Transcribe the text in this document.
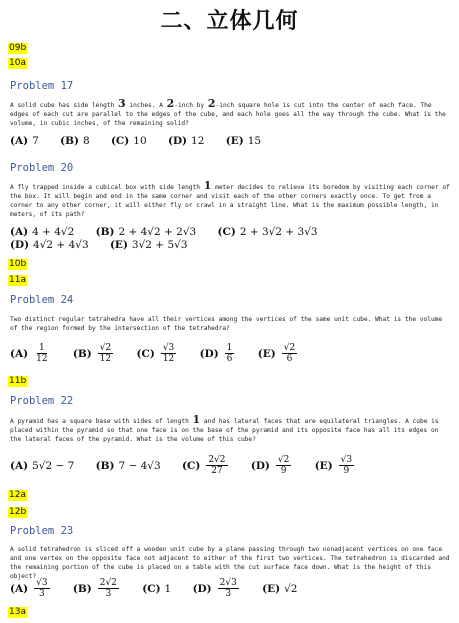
二、立体几何
09b
10a
Problem 17
A solid cube has side length 3 inches. A 2-inch by 2-inch square hole is cut into the center of each face. The edges of each cut are parallel to the edges of the cube, and each hole goes all the way through the cube. What is the volume, in cubic inches, of the remaining solid?
(A) 7 (B) 8 (C) 10 (D) 12 (E) 15
Problem 20
A fly trapped inside a cubical box with side length 1 meter decides to relieve its boredom by visiting each corner of the box. It will begin and end in the same corner and visit each of the other corners exactly once. To get from a corner to any other corner, it will either fly or crawl in a straight line. What is the maximum possible length, in meters, of its path?
(A) 4 + 4√2 (B) 2 + 4√2 + 2√3 (C) 2 + 3√2 + 3√3
(D) 4√2 + 4√3 (E) 3√2 + 5√3
10b
11a
Problem 24
Two distinct regular tetrahedra have all their vertices among the vertices of the same unit cube. What is the volume of the region formed by the intersection of the tetrahedra?
$(A) \frac{1}{12} (B) \frac{√2}{12} (C) \frac{√3}{12} (D) \frac{1}{6} (E) \frac{√2}{6}$
11b
Problem 22
A pyramid has a square base with sides of length 1 and has lateral faces that are equilateral triangles. A cube is placed within the pyramid so that one face is on the base of the pyramid and its opposite face has all its edges on the lateral faces of the pyramid. What is the volume of this cube?
(A) 5√2 − 7 (B) 7 − 4√3 $(C) \frac{2√2}{27} (D) \frac{√2}{9} (E) \frac{√3}{9}$
12a
12b
Problem 23
A solid tetrahedron is sliced off a wooden unit cube by a plane passing through two nonadjacent vertices on one face and one vertex on the opposite face not adjacent to either of the first two vertices. The tetrahedron is discarded and the remaining portion of the cube is placed on a table with the cut surface face down. What is the height of this object?
$(A) \frac{√3}{3} (B) \frac{2√2}{3} (C)$ 1 $(D) \frac{2√3}{3} (E)$ √2
13a
